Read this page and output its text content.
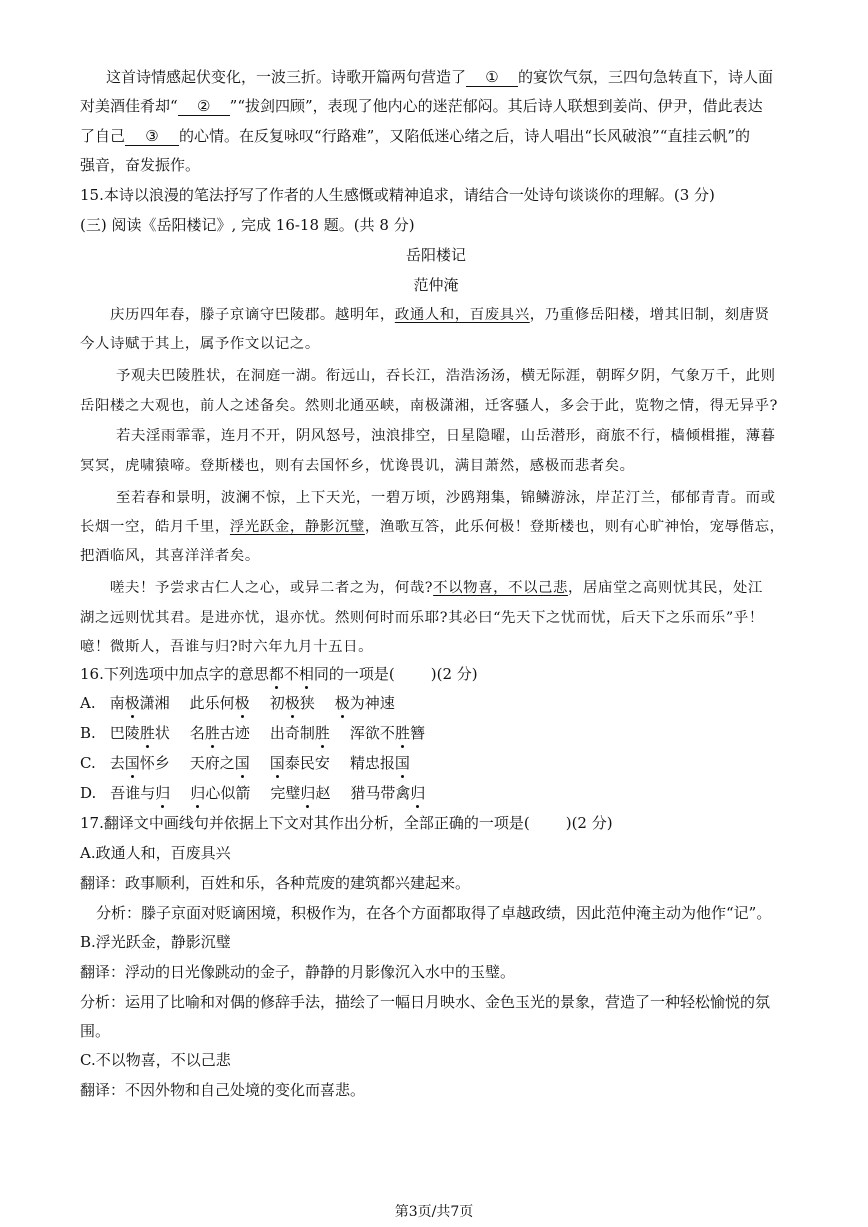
这首诗情感起伏变化，一波三折。诗歌开篇两句营造了 ① 的宴饮气氛，三四句急转直下，诗人面
对美酒佳肴却“ ② ”“拔剑四顾”，表现了他内心的迷茫郁闷。其后诗人联想到姜尚、伊尹，借此表达
了自己 ③ 的心情。在反复咏叹“行路难”，又陷低迷心绪之后，诗人唱出“长风破浪”“直挂云帆”的
强音，奋发振作。
15.本诗以浪漫的笔法抒写了作者的人生感慨或精神追求，请结合一处诗句谈谈你的理解。(3 分)
(三) 阅读《岳阳楼记》, 完成 16-18 题。(共 8 分)
岳阳楼记
范仲淹
庆历四年春，滕子京谪守巴陵郡。越明年，政通人和，百废具兴，乃重修岳阳楼，增其旧制，刻唐贤
今人诗赋于其上，属予作文以记之。
予观夫巴陵胜状，在洞庭一湖。衔远山，吞长江，浩浩汤汤，横无际涯，朝晖夕阴，气象万千，此则
岳阳楼之大观也，前人之述备矣。然则北通巫峡，南极潇湘，迁客骚人，多会于此，览物之情，得无异乎?
若夫淫雨霏霏，连月不开，阴风怒号，浊浪排空，日星隐曜，山岳潜形，商旅不行，樯倾楫摧，薄暮
冥冥，虎啸猿啼。登斯楼也，则有去国怀乡，忧谗畏讥，满目萧然，感极而悲者矣。
至若春和景明，波澜不惊，上下天光，一碧万顷，沙鸥翔集，锦鳞游泳，岸芷汀兰，郁郁青青。而或
长烟一空，皓月千里，浮光跃金，静影沉璧，渔歌互答，此乐何极！登斯楼也，则有心旷神怡，宠辱偕忘，
把酒临风，其喜洋洋者矣。
嗟夫！予尝求古仁人之心，或异二者之为，何哉?不以物喜，不以己悲，居庙堂之高则忧其民，处江
湖之远则忧其君。是进亦忧，退亦忧。然则何时而乐耶?其必曰“先天下之忧而忧，后天下之乐而乐”乎！
噫！微斯人，吾谁与归?时六年九月十五日。
16.下列选项中加点字的意思都不相同的一项是( )(2 分)
A. 南极潇湘 此乐何极 初极狭 极为神速
B. 巴陵胜状 名胜古迹 出奇制胜 浑欲不胜簪
C. 去国怀乡 天府之国 国泰民安 精忠报国
D. 吾谁与归 归心似箭 完璧归赵 猎马带禽归
17.翻译文中画线句并依据上下文对其作出分析，全部正确的一项是( )(2 分)
A.政通人和，百废具兴
翻译：政事顺利，百姓和乐，各种荒废的建筑都兴建起来。
分析：滕子京面对贬谪困境，积极作为，在各个方面都取得了卓越政绩，因此范仲淹主动为他作“记”。
B.浮光跃金，静影沉璧
翻译：浮动的日光像跳动的金子，静静的月影像沉入水中的玉璧。
分析：运用了比喻和对偶的修辞手法，描绘了一幅日月映水、金色玉光的景象，营造了一种轻松愉悦的氛
围。
C.不以物喜，不以己悲
翻译：不因外物和自己处境的变化而喜悲。
第3页/共7页
